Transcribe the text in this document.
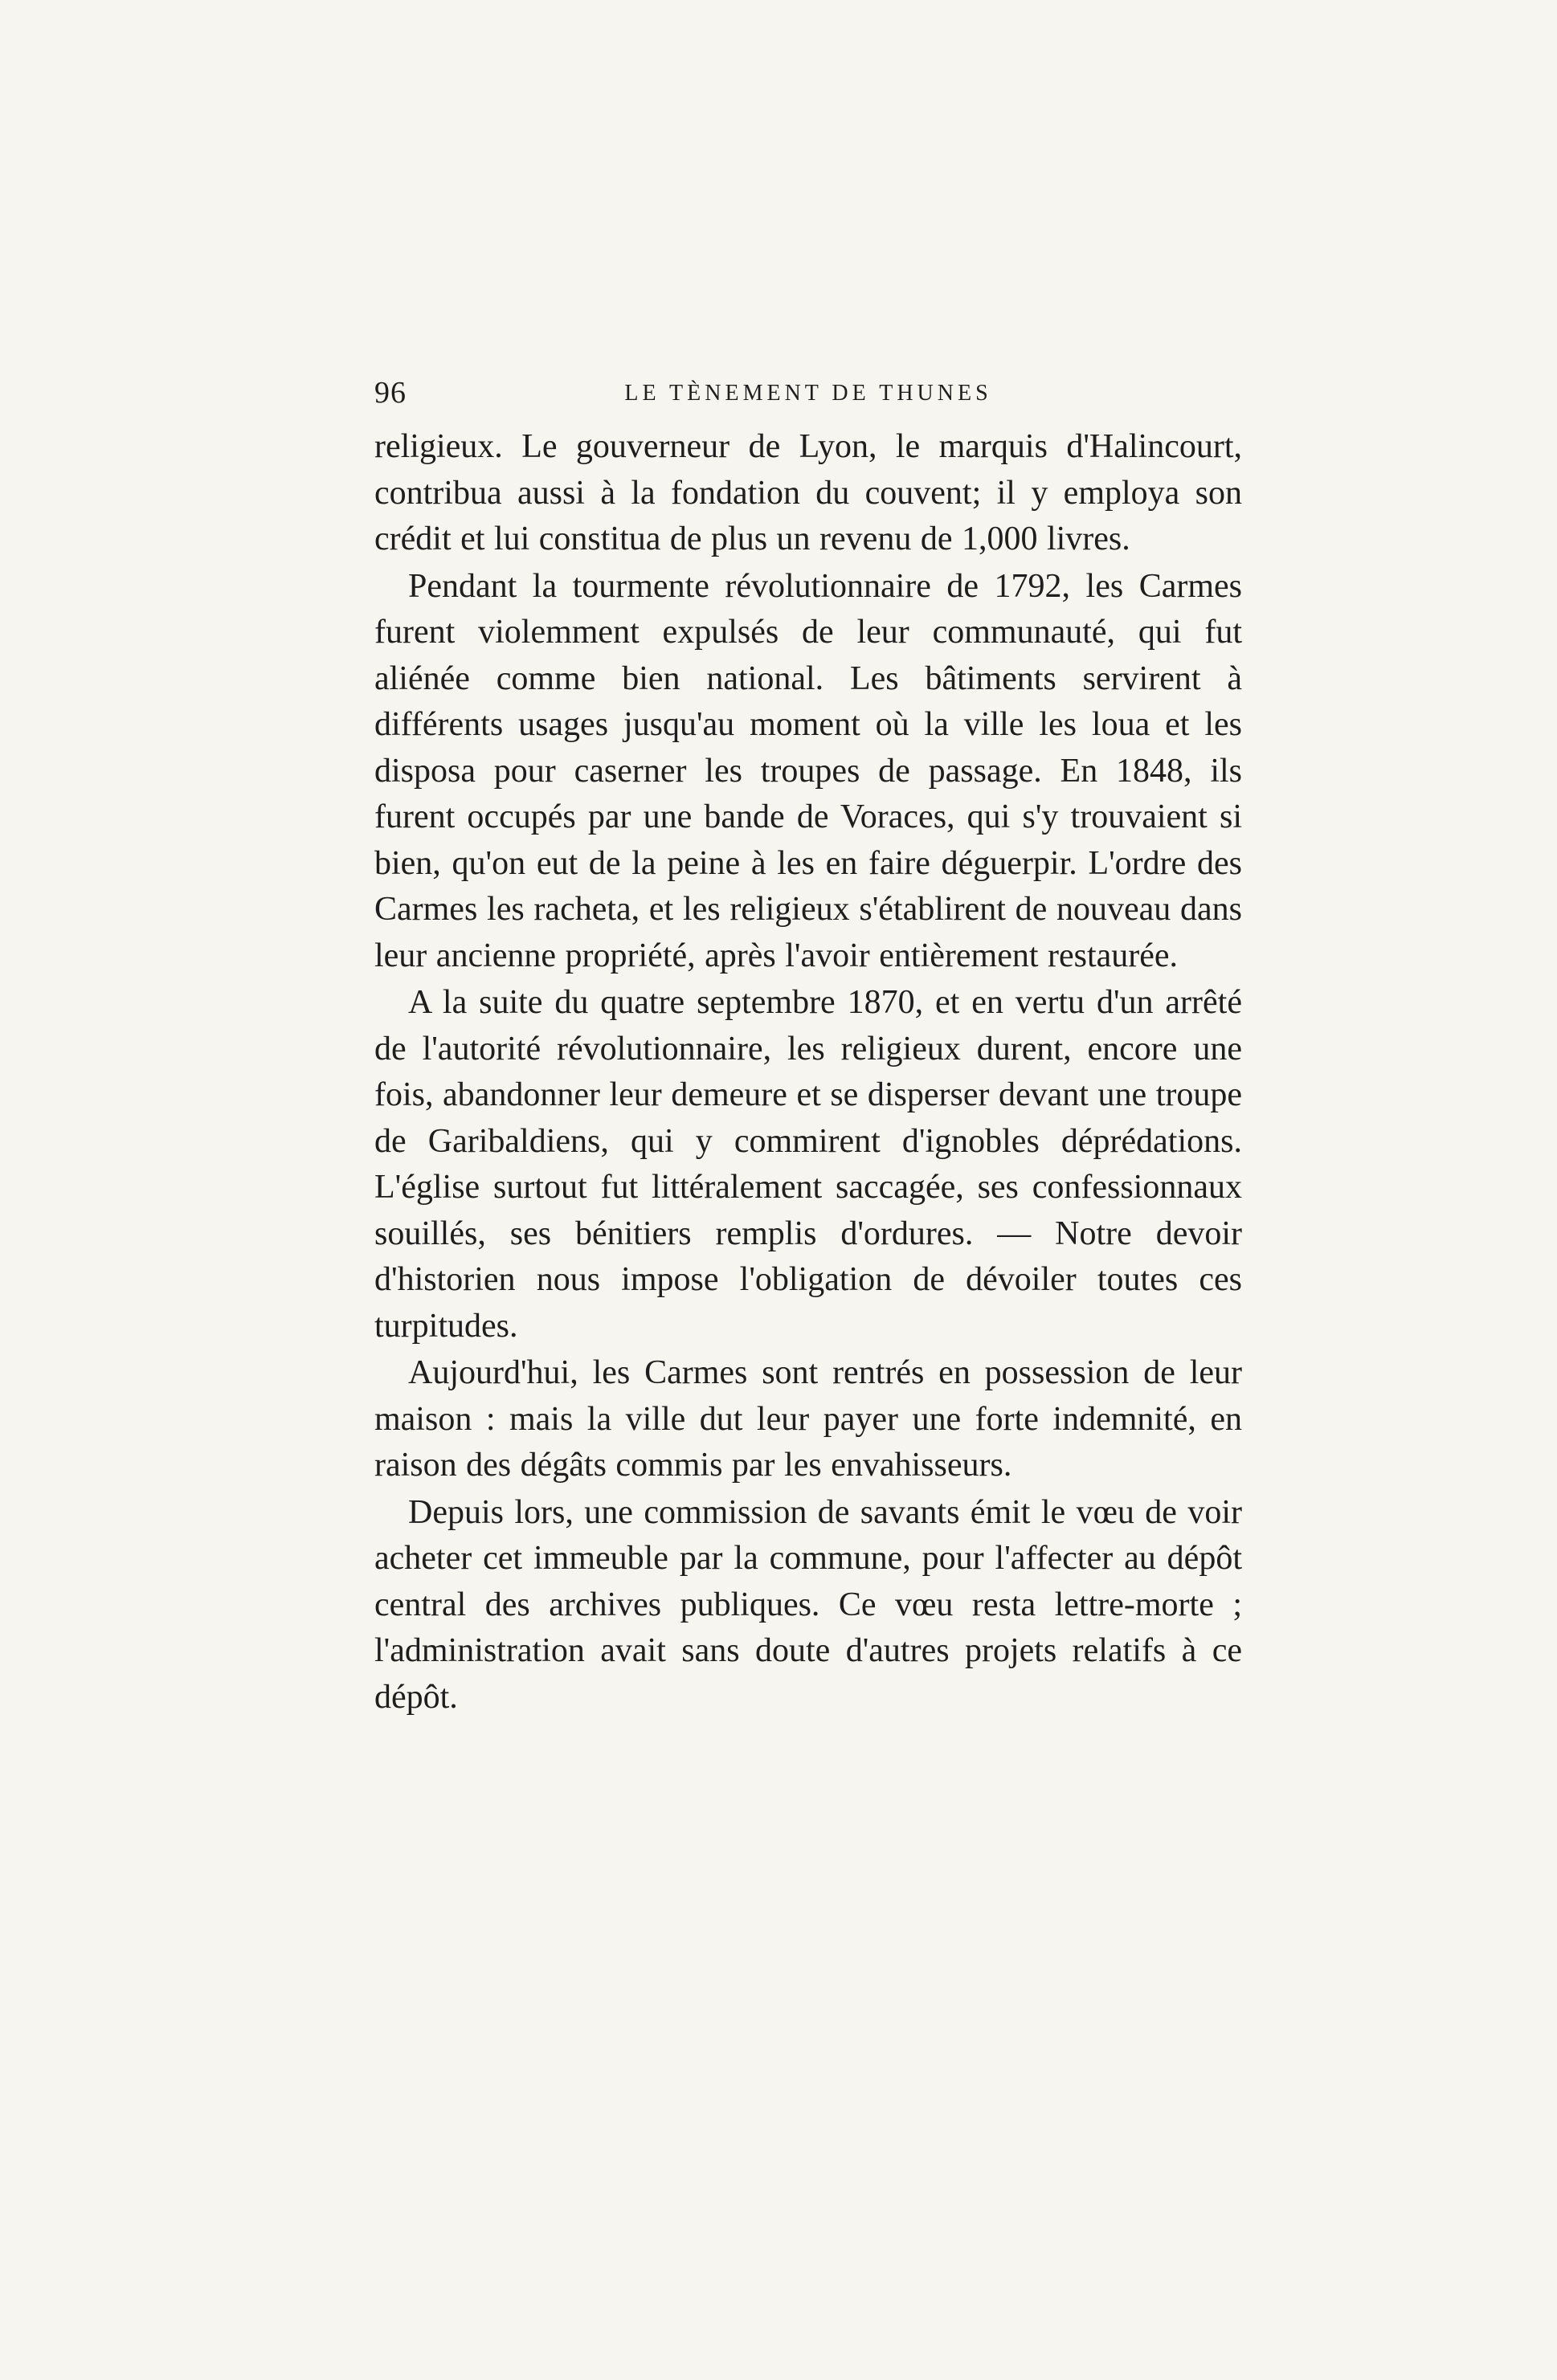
96	LE TÈNEMENT DE THUNES

religieux. Le gouverneur de Lyon, le marquis d'Halincourt, contribua aussi à la fondation du couvent; il y employa son crédit et lui constitua de plus un revenu de 1,000 livres.

Pendant la tourmente révolutionnaire de 1792, les Carmes furent violemment expulsés de leur communauté, qui fut aliénée comme bien national. Les bâtiments servirent à différents usages jusqu'au moment où la ville les loua et les disposa pour caserner les troupes de passage. En 1848, ils furent occupés par une bande de Voraces, qui s'y trouvaient si bien, qu'on eut de la peine à les en faire déguerpir. L'ordre des Carmes les racheta, et les religieux s'établirent de nouveau dans leur ancienne propriété, après l'avoir entièrement restaurée.

A la suite du quatre septembre 1870, et en vertu d'un arrêté de l'autorité révolutionnaire, les religieux durent, encore une fois, abandonner leur demeure et se disperser devant une troupe de Garibaldiens, qui y commirent d'ignobles déprédations. L'église surtout fut littéralement saccagée, ses confessionnaux souillés, ses bénitiers remplis d'ordures. — Notre devoir d'historien nous impose l'obligation de dévoiler toutes ces turpitudes.

Aujourd'hui, les Carmes sont rentrés en possession de leur maison : mais la ville dut leur payer une forte indemnité, en raison des dégâts commis par les envahisseurs.

Depuis lors, une commission de savants émit le vœu de voir acheter cet immeuble par la commune, pour l'affecter au dépôt central des archives publiques. Ce vœu resta lettre-morte ; l'administration avait sans doute d'autres projets relatifs à ce dépôt.
